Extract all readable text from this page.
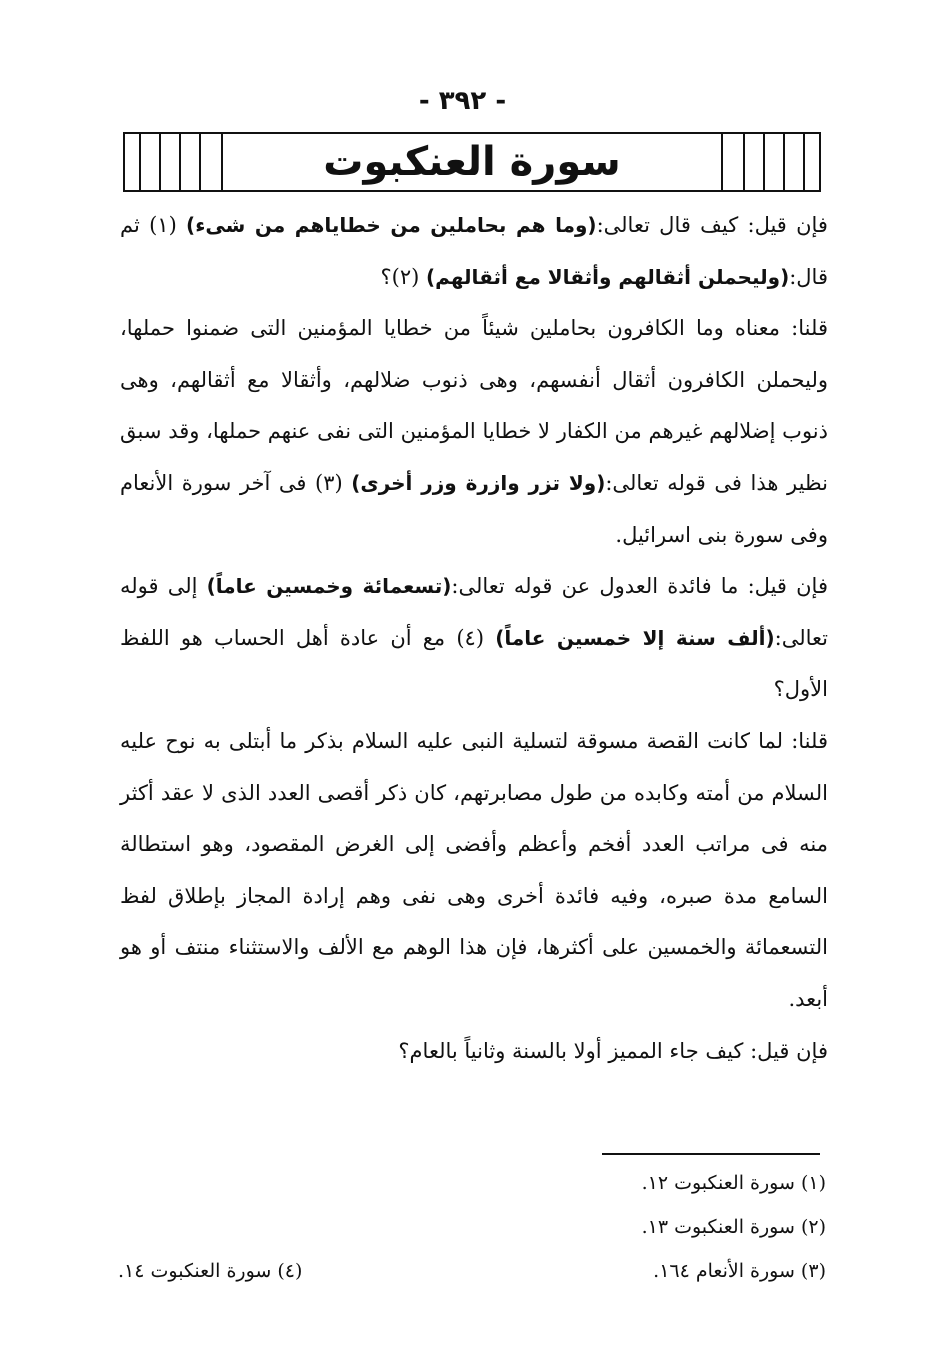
- ٣٩٢ -
سورة العنكبوت

فإن قيل: كيف قال تعالى:(وما هم بحاملين من خطاياهم من شىء) (١) ثم قال:(وليحملن أثقالهم وأثقالا مع أثقالهم) (٢)؟

قلنا: معناه وما الكافرون بحاملين شيئاً من خطايا المؤمنين التى ضمنوا حملها، وليحملن الكافرون أثقال أنفسهم، وهى ذنوب ضلالهم، وأثقالا مع أثقالهم، وهى ذنوب إضلالهم غيرهم من الكفار لا خطايا المؤمنين التى نفى عنهم حملها، وقد سبق نظير هذا فى قوله تعالى:(ولا تزر وازرة وزر أخرى) (٣) فى آخر سورة الأنعام وفى سورة بنى اسرائيل.

فإن قيل: ما فائدة العدول عن قوله تعالى:(تسعمائة وخمسين عاماً) إلى قوله تعالى:(ألف سنة إلا خمسين عاماً) (٤) مع أن عادة أهل الحساب هو اللفظ الأول؟

قلنا: لما كانت القصة مسوقة لتسلية النبى عليه السلام بذكر ما أبتلى به نوح عليه السلام من أمته وكابده من طول مصابرتهم، كان ذكر أقصى العدد الذى لا عقد أكثر منه فى مراتب العدد أفخم وأعظم وأفضى إلى الغرض المقصود، وهو استطالة السامع مدة صبره، وفيه فائدة أخرى وهى نفى وهم إرادة المجاز بإطلاق لفظ التسعمائة والخمسين على أكثرها، فإن هذا الوهم مع الألف والاستثناء منتف أو هو أبعد.

فإن قيل: كيف جاء المميز أولا بالسنة وثانياً بالعام؟

(١) سورة العنكبوت ١٢.
(٢) سورة العنكبوت ١٣.
(٣) سورة الأنعام ١٦٤.
(٤) سورة العنكبوت ١٤.
